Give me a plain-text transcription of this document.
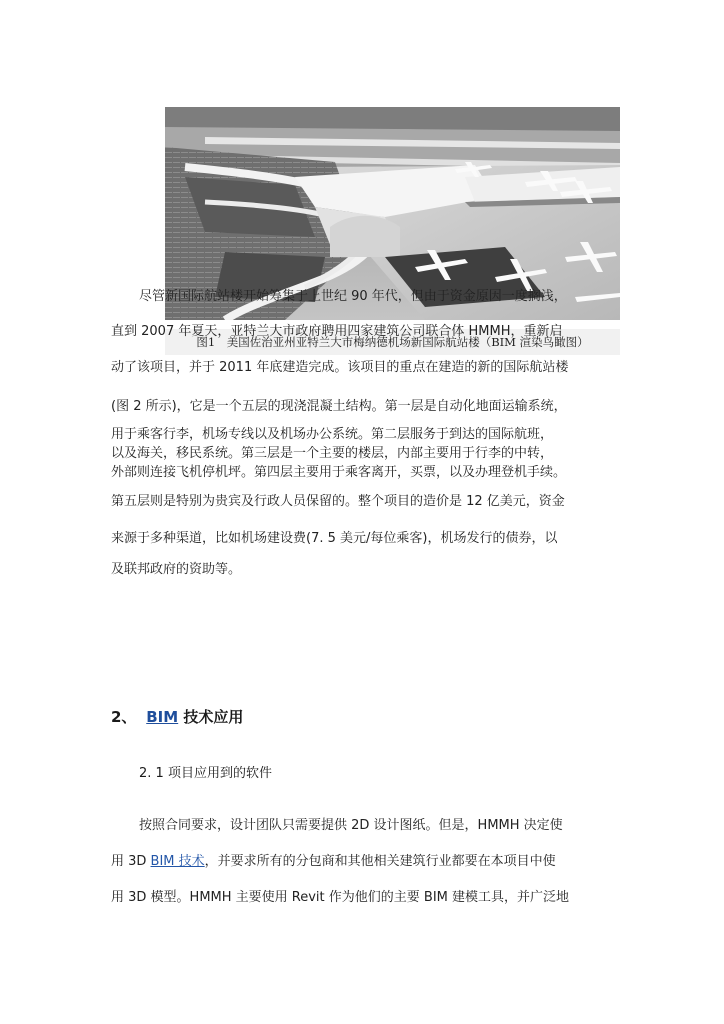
图1　美国佐治亚州亚特兰大市梅纳德机场新国际航站楼（BIM 渲染鸟瞰图）
尽管新国际航站楼开始筹集于上世纪 90 年代，但由于资金原因一度搁浅，
直到 2007 年夏天，亚特兰大市政府聘用四家建筑公司联合体 HMMH，重新启
动了该项目，并于 2011 年底建造完成。该项目的重点在建造的新的国际航站楼
(图 2 所示)，它是一个五层的现浇混凝土结构。第一层是自动化地面运输系统，
用于乘客行李，机场专线以及机场办公系统。第二层服务于到达的国际航班，
以及海关，移民系统。第三层是一个主要的楼层，内部主要用于行李的中转，
外部则连接飞机停机坪。第四层主要用于乘客离开，买票，以及办理登机手续。
第五层则是特别为贵宾及行政人员保留的。整个项目的造价是 12 亿美元，资金
来源于多种渠道，比如机场建设费(7. 5 美元/每位乘客)，机场发行的债券，以
及联邦政府的资助等。
2、 BIM 技术应用
2. 1 项目应用到的软件
按照合同要求，设计团队只需要提供 2D 设计图纸。但是，HMMH 决定使
用 3D BIM 技术，并要求所有的分包商和其他相关建筑行业都要在本项目中使
用 3D 模型。HMMH 主要使用 Revit 作为他们的主要 BIM 建模工具，并广泛地
